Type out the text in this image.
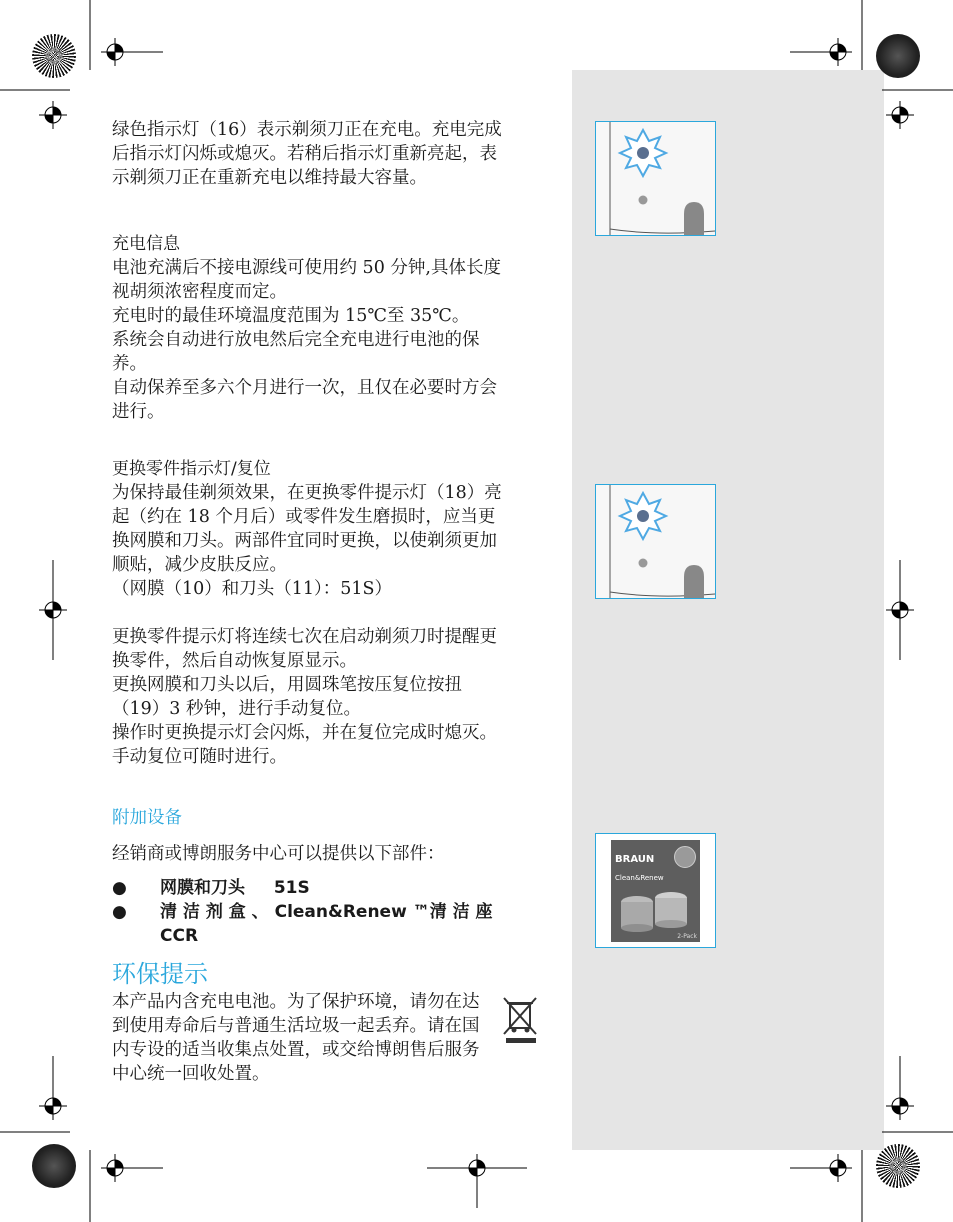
BRAUN
Clean&Renew
2-Pack
绿色指示灯（16）表示剃须刀正在充电。充电完成后指示灯闪烁或熄灭。若稍后指示灯重新亮起，表示剃须刀正在重新充电以维持最大容量。
充电信息
电池充满后不接电源线可使用约 50 分钟,具体长度视胡须浓密程度而定。
充电时的最佳环境温度范围为 15℃至 35℃。
系统会自动进行放电然后完全充电进行电池的保养。
自动保养至多六个月进行一次，且仅在必要时方会进行。
更换零件指示灯/复位
为保持最佳剃须效果，在更换零件提示灯（18）亮起（约在 18 个月后）或零件发生磨损时，应当更换网膜和刀头。两部件宜同时更换，以使剃须更加顺贴，减少皮肤反应。
（网膜（10）和刀头（11）：51S）
更换零件提示灯将连续七次在启动剃须刀时提醒更换零件，然后自动恢复原显示。
更换网膜和刀头以后，用圆珠笔按压复位按扭（19）3 秒钟，进行手动复位。
操作时更换提示灯会闪烁，并在复位完成时熄灭。手动复位可随时进行。
附加设备
经销商或博朗服务中心可以提供以下部件：
●	网膜和刀头 　 51S
●	清 洁 剂 盒 、 Clean&Renew ™清 洁 座 CCR
环保提示
本产品内含充电电池。为了保护环境，请勿在达到使用寿命后与普通生活垃圾一起丢弃。请在国内专设的适当收集点处置，或交给博朗售后服务中心统一回收处置。
